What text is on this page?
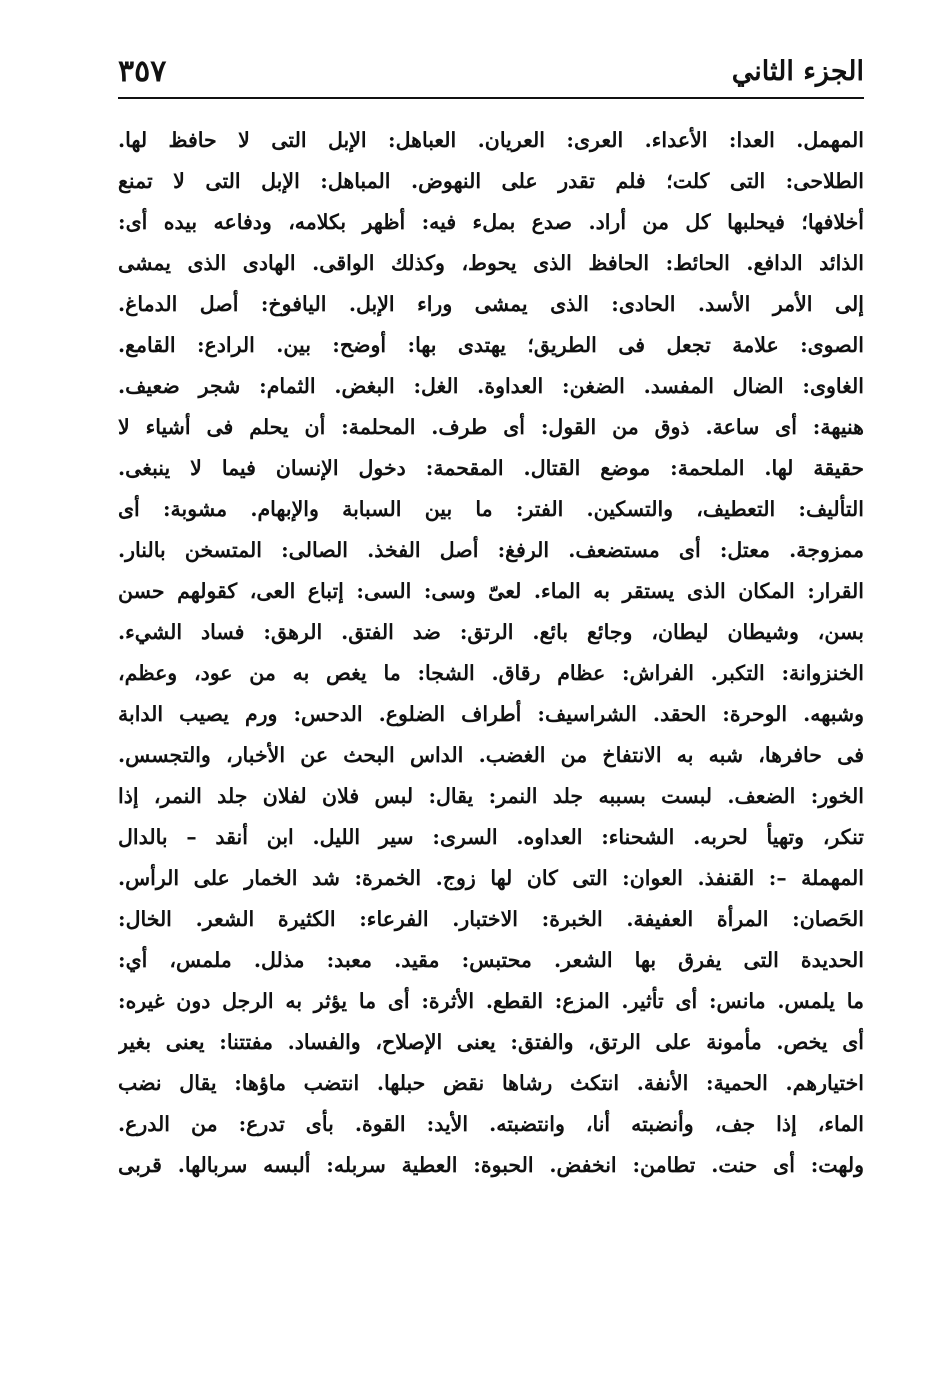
الجزء الثاني
٣٥٧
المهمل. العدا: الأعداء. العرى: العريان. العباهل: الإبل التى لا حافظ لها.
الطلاحى: التى كلت؛ فلم تقدر على النهوض. المباهل: الإبل التى لا تمنع
أخلافها؛ فيحلبها كل من أراد. صدع بملء فيه: أظهر بكلامه، ودفاعه بيده أى:
الذائد الدافع. الحائط: الحافظ الذى يحوط، وكذلك الواقى. الهادى الذى يمشى
إلى الأمر الأسد. الحادى: الذى يمشى وراء الإبل. اليافوخ: أصل الدماغ.
الصوى: علامة تجعل فى الطريق؛ يهتدى بها: أوضح: بين. الرادع: القامع.
الغاوى: الضال المفسد. الضغن: العداوة. الغل: البغض. الثمام: شجر ضعيف.
هنيهة: أى ساعة. ذوق من القول: أى طرف. المحلمة: أن يحلم فى أشياء لا
حقيقة لها. الملحمة: موضع القتال. المقحمة: دخول الإنسان فيما لا ينبغى.
التأليف: التعطيف، والتسكين. الفتر: ما بين السبابة والإبهام. مشوبة: أى
ممزوجة. معتل: أى مستضعف. الرفغ: أصل الفخذ. الصالى: المتسخن بالنار.
القرار: المكان الذى يستقر به الماء. لعىّ وسى: السى: إتباع العى، كقولهم حسن
بسن، وشيطان ليطان، وجائع بائع. الرتق: ضد الفتق. الرهق: فساد الشيء.
الخنزوانة: التكبر. الفراش: عظام رقاق. الشجا: ما يغص به من عود، وعظم،
وشبهه. الوحرة: الحقد. الشراسيف: أطراف الضلوع. الدحس: ورم يصيب الدابة
فى حافرها، شبه به الانتفاخ من الغضب. الداس البحث عن الأخبار، والتجسس.
الخور: الضعف. لبست بسببه جلد النمر: يقال: لبس فلان لفلان جلد النمر، إذا
تنكر، وتهيأ لحربه. الشحناء: العداوه. السرى: سير الليل. ابن أنقد – بالدال
المهملة –: القنفذ. العوان: التى كان لها زوج. الخمرة: شد الخمار على الرأس.
الحَصان: المرأة العفيفة. الخبرة: الاختبار. الفرعاء: الكثيرة الشعر. الخال:
الحديدة التى يفرق بها الشعر. محتبس: مقيد. معبد: مذلل. ملمس، أي:
ما يلمس. مانس: أى تأثير. المزع: القطع. الأثرة: أى ما يؤثر به الرجل دون غيره:
أى يخص. مأمونة على الرتق، والفتق: يعنى الإصلاح، والفساد. مفتتنا: يعنى بغير
اختيارهم. الحمية: الأنفة. انتكث رشاها نقض حبلها. انتضب ماؤها: يقال نضب
الماء، إذا جف، وأنضبته أنا، وانتضبته. الأيد: القوة. بأى تدرع: من الدرع.
ولهت: أى حنت. تطامن: انخفض. الحبوة: العطية سربله: ألبسه سربالها. قربى
